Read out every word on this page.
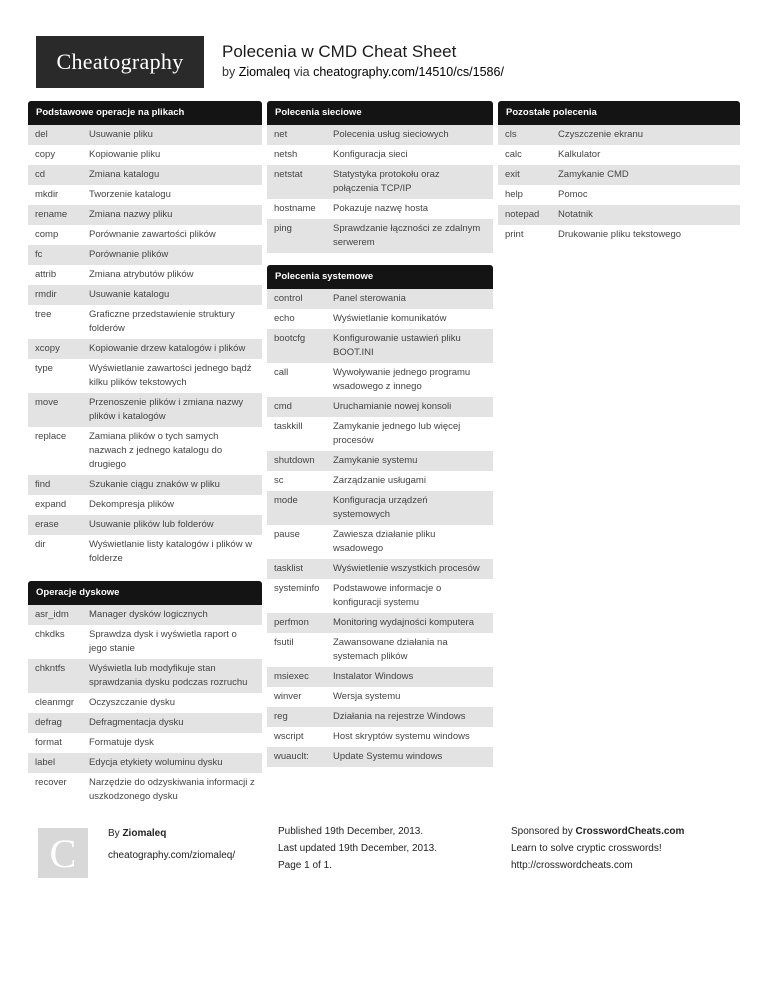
Cheatography Polecenia w CMD Cheat Sheet
by Ziomaleq via cheatography.com/14510/cs/1586/
Podstawowe operacje na plikach
del	Usuwanie pliku
copy	Kopiowanie pliku
cd	Zmiana katalogu
mkdir	Tworzenie katalogu
rename	Zmiana nazwy pliku
comp	Porównanie zawartości plików
fc	Porównanie plików
attrib	Zmiana atrybutów plików
rmdir	Usuwanie katalogu
tree	Graficzne przedstawienie struktury folderów
xcopy	Kopiowanie drzew katalogów i plików
type	Wyświetlanie zawartości jednego bądź kilku plików tekstowych
move	Przenoszenie plików i zmiana nazwy plików i katalogów
replace	Zamiana plików o tych samych nazwach z jednego katalogu do drugiego
find	Szukanie ciągu znaków w pliku
expand	Dekompresja plików
erase	Usuwanie plików lub folderów
dir	Wyświetlanie listy katalogów i plików w folderze
Operacje dyskowe
asr_idm	Manager dysków logicznych
chkdks	Sprawdza dysk i wyświetla raport o jego stanie
chkntfs	Wyświetla lub modyfikuje stan sprawdzania dysku podczas rozruchu
cleanmgr	Oczyszczanie dysku
defrag	Defragmentacja dysku
format	Formatuje dysk
label	Edycja etykiety woluminu dysku
recover	Narzędzie do odzyskiwania informacji z uszkodzonego dysku
Polecenia sieciowe
net	Polecenia usług sieciowych
netsh	Konfiguracja sieci
netstat	Statystyka protokołu oraz połączenia TCP/IP
hostname	Pokazuje nazwę hosta
ping	Sprawdzanie łączności ze zdalnym serwerem
Polecenia systemowe
control	Panel sterowania
echo	Wyświetlanie komunikatów
bootcfg	Konfigurowanie ustawień pliku BOOT.INI
call	Wywoływanie jednego programu wsadowego z innego
cmd	Uruchamianie nowej konsoli
taskkill	Zamykanie jednego lub więcej procesów
shutdown	Zamykanie systemu
sc	Zarządzanie usługami
mode	Konfiguracja urządzeń systemowych
pause	Zawiesza działanie pliku wsadowego
tasklist	Wyświetlenie wszystkich procesów
systeminfo	Podstawowe informacje o konfiguracji systemu
perfmon	Monitoring wydajności komputera
fsutil	Zawansowane działania na systemach plików
msiexec	Instalator Windows
winver	Wersja systemu
reg	Działania na rejestrze Windows
wscript	Host skryptów systemu windows
wuauclt:	Update Systemu windows
Pozostałe polecenia
cls	Czyszczenie ekranu
calc	Kalkulator
exit	Zamykanie CMD
help	Pomoc
notepad	Notatnik
print	Drukowanie pliku tekstowego
C	By Ziomaleq
cheatography.com/ziomaleq/
Published 19th December, 2013.
Last updated 19th December, 2013.
Page 1 of 1.
Sponsored by CrosswordCheats.com
Learn to solve cryptic crosswords!
http://crosswordcheats.com
